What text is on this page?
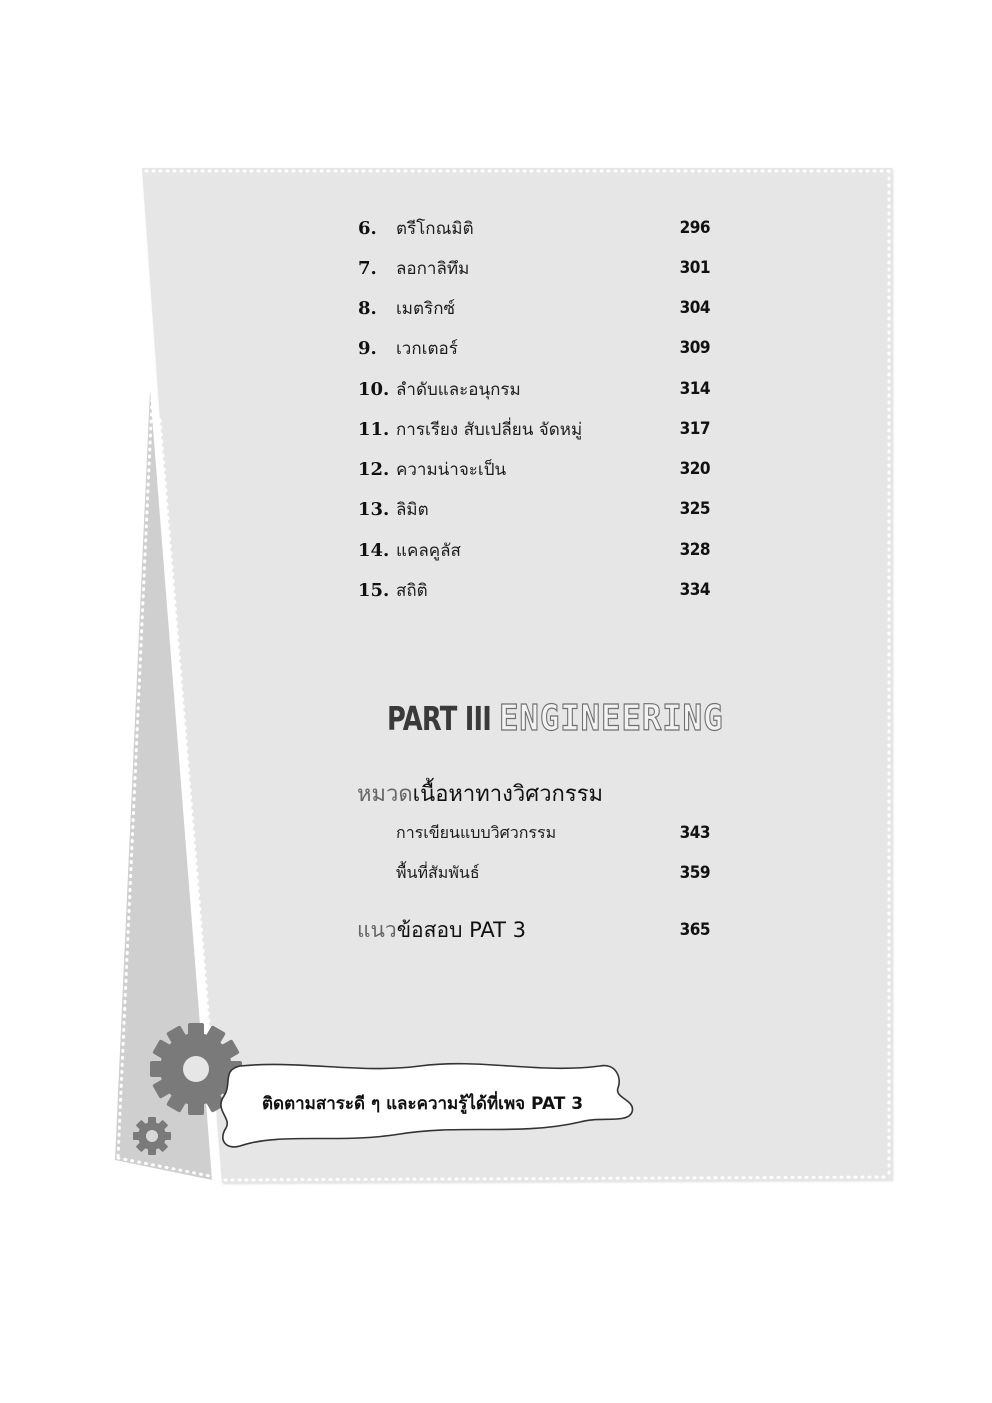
6.	ตรีโกณมิติ	296
7.	ลอกาลิทึม	301
8.	เมตริกซ์	304
9.	เวกเตอร์	309
10. ลำดับและอนุกรม	314
11. การเรียง สับเปลี่ยน จัดหมู่	317
12. ความน่าจะเป็น	320
13. ลิมิต	325
14. แคลคูลัส	328
15. สถิติ	334
PART III ENGINEERING
หมวดเนื้อหาทางวิศวกรรม
การเขียนแบบวิศวกรรม	343
พื้นที่สัมพันธ์	359
แนวข้อสอบ PAT 3	365
ติดตามสาระดี ๆ และความรู้ได้ที่เพจ PAT 3
